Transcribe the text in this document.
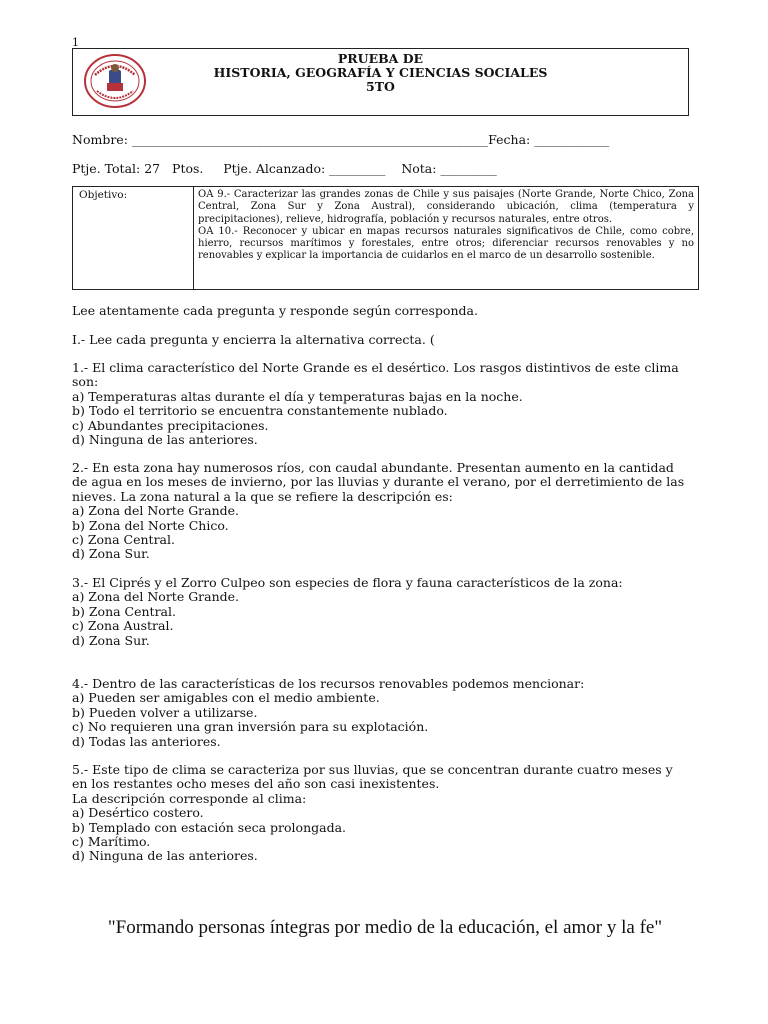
1
PRUEBA DE
HISTORIA, GEOGRAFÍA Y CIENCIAS SOCIALES
5TO
Nombre: _________________________________________________________Fecha: ____________
Ptje. Total: 27   Ptos.     Ptje. Alcanzado: _________    Nota: _________
Objetivo:	OA 9.- Caracterizar las grandes zonas de Chile y sus paisajes (Norte Grande, Norte Chico, Zona Central, Zona Sur y Zona Austral), considerando ubicación, clima (temperatura y precipitaciones), relieve, hidrografía, población y recursos naturales, entre otros.

OA 10.- Reconocer y ubicar en mapas recursos naturales significativos de Chile, como cobre, hierro, recursos marítimos y forestales, entre otros; diferenciar recursos renovables y no renovables y explicar la importancia de cuidarlos en el marco de un desarrollo sostenible.

Lee atentamente cada pregunta y responde según corresponda.
I.- Lee cada pregunta y encierra la alternativa correcta. (
1.- El clima característico del Norte Grande es el desértico. Los rasgos distintivos de este clima son:
a) Temperaturas altas durante el día y temperaturas bajas en la noche.
b) Todo el territorio se encuentra constantemente nublado.
c) Abundantes precipitaciones.
d) Ninguna de las anteriores.
2.- En esta zona hay numerosos ríos, con caudal abundante. Presentan aumento en la cantidad de agua en los meses de invierno, por las lluvias y durante el verano, por el derretimiento de las nieves. La zona natural a la que se refiere la descripción es:
a) Zona del Norte Grande.
b) Zona del Norte Chico.
c) Zona Central.
d) Zona Sur.
3.- El Ciprés y el Zorro Culpeo son especies de flora y fauna característicos de la zona:
a) Zona del Norte Grande.
b) Zona Central.
c) Zona Austral.
d) Zona Sur.
4.- Dentro de las características de los recursos renovables podemos mencionar:
a) Pueden ser amigables con el medio ambiente.
b) Pueden volver a utilizarse.
c) No requieren una gran inversión para su explotación.
d) Todas las anteriores.
5.- Este tipo de clima se caracteriza por sus lluvias, que se concentran durante cuatro meses y en los restantes ocho meses del año son casi inexistentes.
La descripción corresponde al clima:
a) Desértico costero.
b) Templado con estación seca prolongada.
c) Marítimo.
d) Ninguna de las anteriores.
"Formando personas íntegras por medio de la educación, el amor y la fe"
